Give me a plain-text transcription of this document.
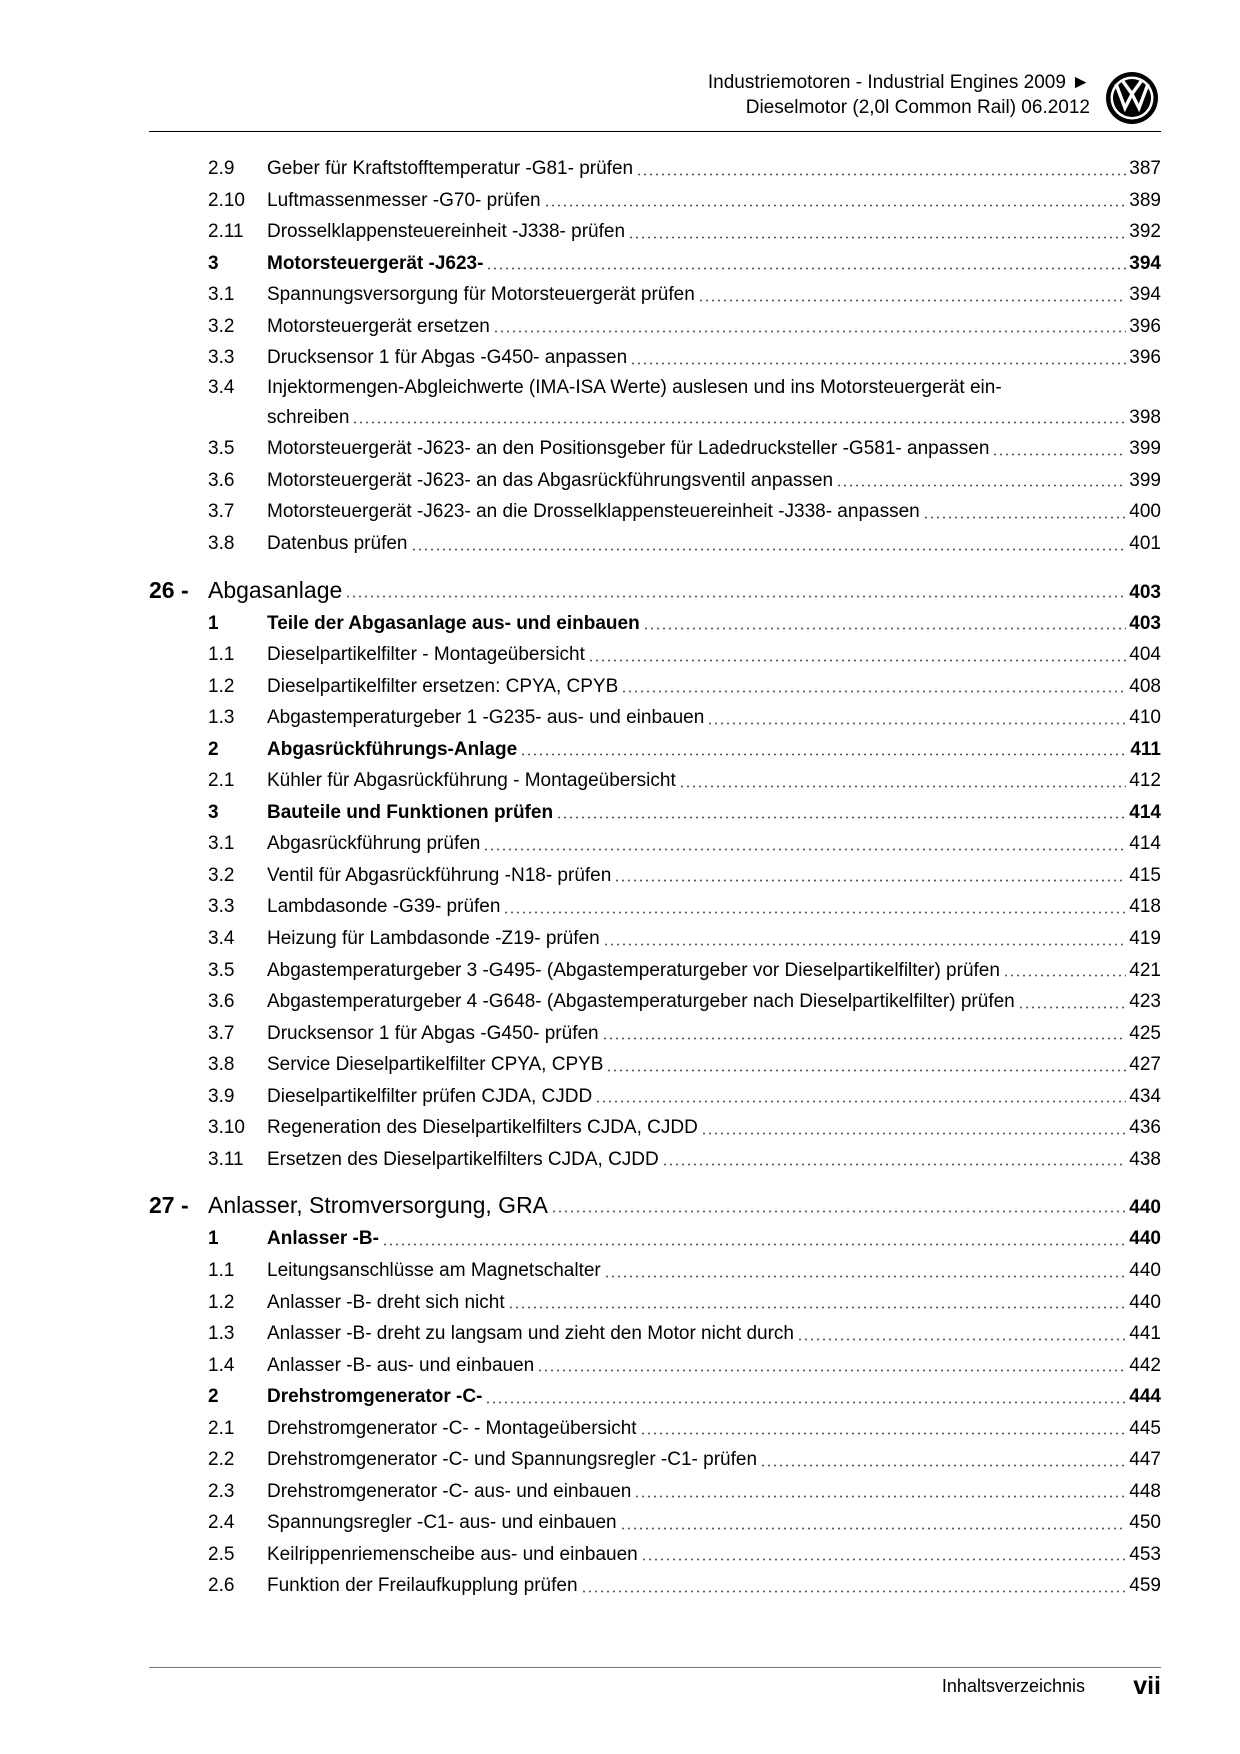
Industriemotoren - Industrial Engines 2009 ►
Dieselmotor (2,0l Common Rail) 06.2012
2.9	Geber für Kraftstofftemperatur -G81- prüfen	387
2.10	Luftmassenmesser -G70- prüfen	389
2.11	Drosselklappensteuereinheit -J338- prüfen	392
3	Motorsteuergerät -J623-	394
3.1	Spannungsversorgung für Motorsteuergerät prüfen	394
3.2	Motorsteuergerät ersetzen	396
3.3	Drucksensor 1 für Abgas -G450- anpassen	396
3.4	Injektormengen-Abgleichwerte (IMA-ISA Werte) auslesen und ins Motorsteuergerät ein-
schreiben	398
3.5	Motorsteuergerät -J623- an den Positionsgeber für Ladedrucksteller -G581- anpassen	399
3.6	Motorsteuergerät -J623- an das Abgasrückführungsventil anpassen	399
3.7	Motorsteuergerät -J623- an die Drosselklappensteuereinheit -J338- anpassen	400
3.8	Datenbus prüfen	401
26 - Abgasanlage	403
1	Teile der Abgasanlage aus- und einbauen	403
1.1	Dieselpartikelfilter - Montageübersicht	404
1.2	Dieselpartikelfilter ersetzen: CPYA, CPYB	408
1.3	Abgastemperaturgeber 1 -G235- aus- und einbauen	410
2	Abgasrückführungs-Anlage	411
2.1	Kühler für Abgasrückführung - Montageübersicht	412
3	Bauteile und Funktionen prüfen	414
3.1	Abgasrückführung prüfen	414
3.2	Ventil für Abgasrückführung -N18- prüfen	415
3.3	Lambdasonde -G39- prüfen	418
3.4	Heizung für Lambdasonde -Z19- prüfen	419
3.5	Abgastemperaturgeber 3 -G495- (Abgastemperaturgeber vor Dieselpartikelfilter) prüfen	421
3.6	Abgastemperaturgeber 4 -G648- (Abgastemperaturgeber nach Dieselpartikelfilter) prüfen	423
3.7	Drucksensor 1 für Abgas -G450- prüfen	425
3.8	Service Dieselpartikelfilter CPYA, CPYB	427
3.9	Dieselpartikelfilter prüfen CJDA, CJDD	434
3.10	Regeneration des Dieselpartikelfilters CJDA, CJDD	436
3.11	Ersetzen des Dieselpartikelfilters CJDA, CJDD	438
27 - Anlasser, Stromversorgung, GRA	440
1	Anlasser -B-	440
1.1	Leitungsanschlüsse am Magnetschalter	440
1.2	Anlasser -B- dreht sich nicht	440
1.3	Anlasser -B- dreht zu langsam und zieht den Motor nicht durch	441
1.4	Anlasser -B- aus- und einbauen	442
2	Drehstromgenerator -C-	444
2.1	Drehstromgenerator -C- - Montageübersicht	445
2.2	Drehstromgenerator -C- und Spannungsregler -C1- prüfen	447
2.3	Drehstromgenerator -C- aus- und einbauen	448
2.4	Spannungsregler -C1- aus- und einbauen	450
2.5	Keilrippenriemenscheibe aus- und einbauen	453
2.6	Funktion der Freilaufkupplung prüfen	459
Inhaltsverzeichnis vii
